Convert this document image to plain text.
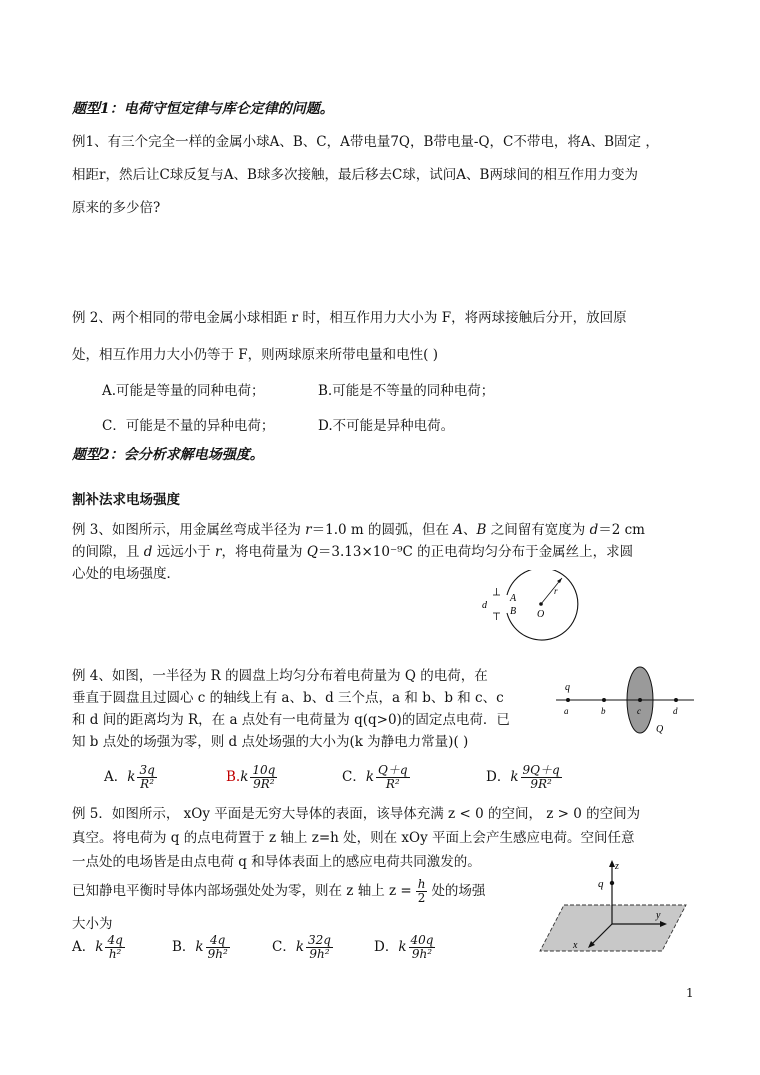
题型1：电荷守恒定律与库仑定律的问题。
例1、有三个完全一样的金属小球A、B、C，A带电量7Q，B带电量-Q，C不带电，将A、B固定 ，
相距r，然后让C球反复与A、B球多次接触，最后移去C球，试问A、B两球间的相互作用力变为
原来的多少倍?
例 2、两个相同的带电金属小球相距 r 时，相互作用力大小为 F，将两球接触后分开，放回原
处，相互作用力大小仍等于 F，则两球原来所带电量和电性( )
A.可能是等量的同种电荷；	B.可能是不等量的同种电荷；
C．可能是不量的异种电荷；	D.不可能是异种电荷。
题型2：会分析求解电场强度。
割补法求电场强度
例 3、如图所示，用金属丝弯成半径为 r＝1.0 m 的圆弧，但在 A、B 之间留有宽度为 d＝2 cm
的间隙，且 d 远远小于 r，将电荷量为 Q＝3.13×10⁻⁹C 的正电荷均匀分布于金属丝上，求圆
心处的电场强度．
d
A
B O
r
例 4、如图，一半径为 R 的圆盘上均匀分布着电荷量为 Q 的电荷，在
垂直于圆盘且过圆心 c 的轴线上有 a、b、d 三个点，a 和 b、b 和 c、c
和 d 间的距离均为 R，在 a 点处有一电荷量为 q(q>0)的固定点电荷．已
知 b 点处的场强为零，则 d 点处场强的大小为(k 为静电力常量)( )
q
a	b	c	d
Q
A．k $\frac{3q}{\text{R²}}$	$B.k \frac{10q}{\text{9R²}}$	C．k $\frac{Q+q}{\text{R²}}$	D．k $\frac{9Q+q}{\text{9R²}}$
例 5．如图所示， xOy 平面是无穷大导体的表面，该导体充满 z < 0 的空间， z > 0 的空间为
真空。将电荷为 q 的点电荷置于 z 轴上 z=h 处，则在 xOy 平面上会产生感应电荷。空间任意
一点处的电场皆是由点电荷 q 和导体表面上的感应电荷共同激发的。
已知静电平衡时导体内部场强处处为零，则在 z 轴上 $z = \frac{h}{2}$ 处的场强
大小为
z
q
y
x
A．k $\frac{4q}{\text{h²}}$	B．k $\frac{4q}{\text{9h²}}$	C．k $\frac{32q}{\text{9h²}}$	D．k $\frac{40q}{\text{9h²}}$
1
